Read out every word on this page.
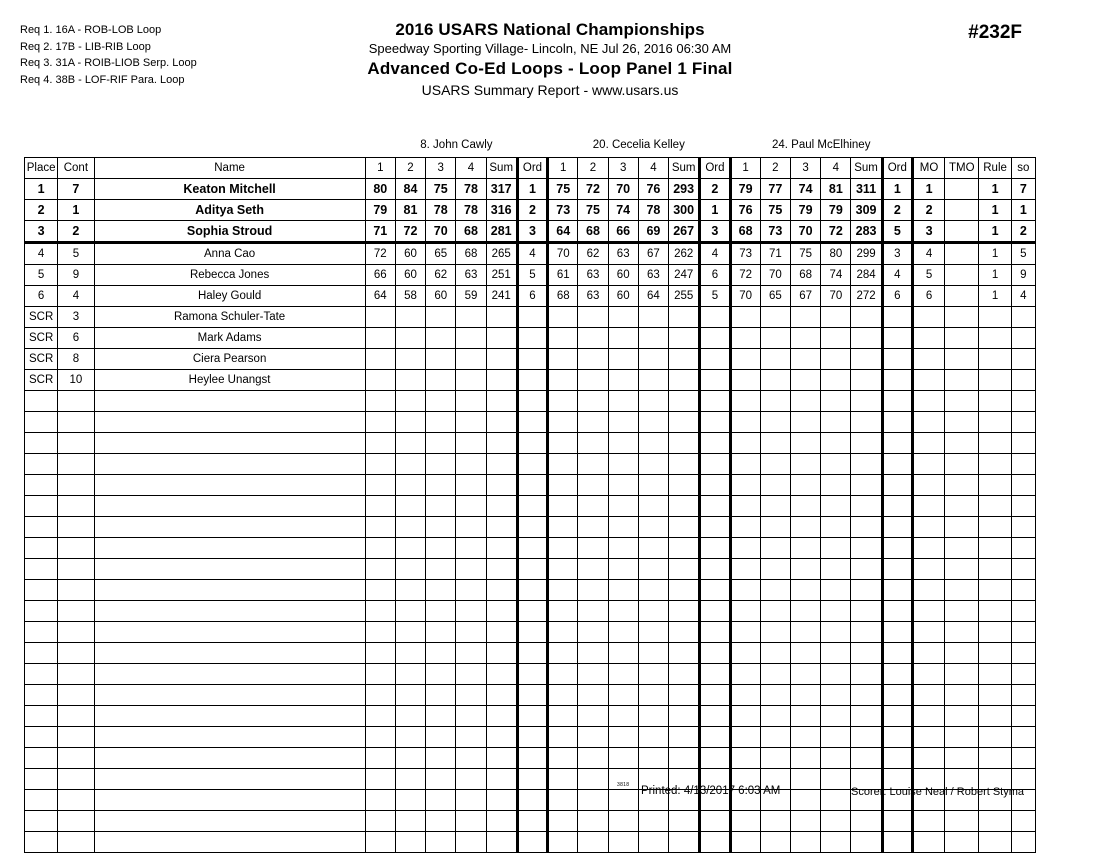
Req 1. 16A - ROB-LOB Loop
Req 2. 17B - LIB-RIB Loop
Req 3. 31A - ROIB-LIOB Serp. Loop
Req 4. 38B - LOF-RIF Para. Loop
2016 USARS National Championships
Speedway Sporting Village- Lincoln, NE Jul 26, 2016 06:30 AM
Advanced Co-Ed Loops - Loop Panel 1 Final
USARS Summary Report - www.usars.us
#232F
			8. John Cawly						20. Cecelia Kelley						24. Paul McElhiney									
Place	Cont	Name	1	2	3	4	Sum	Ord	1	2	3	4	Sum	Ord	1	2	3	4	Sum	Ord	MO	TMO	Rule	so
1	7	Keaton Mitchell	80	84	75	78	317	1	75	72	70	76	293	2	79	77	74	81	311	1	1		1	7
2	1	Aditya Seth	79	81	78	78	316	2	73	75	74	78	300	1	76	75	79	79	309	2	2		1	1
3	2	Sophia Stroud	71	72	70	68	281	3	64	68	66	69	267	3	68	73	70	72	283	5	3		1	2
4	5	Anna Cao	72	60	65	68	265	4	70	62	63	67	262	4	73	71	75	80	299	3	4		1	5
5	9	Rebecca Jones	66	60	62	63	251	5	61	63	60	63	247	6	72	70	68	74	284	4	5		1	9
6	4	Haley Gould	64	58	60	59	241	6	68	63	60	64	255	5	70	65	67	70	272	6	6		1	4
SCR	3	Ramona Schuler-Tate																						
SCR	6	Mark Adams																						
SCR	8	Ciera Pearson																						
SCR	10	Heylee Unangst																						

3818 Printed: 4/13/2017 6:03 AM	Scorer: Louise Neal / Robert Styma
